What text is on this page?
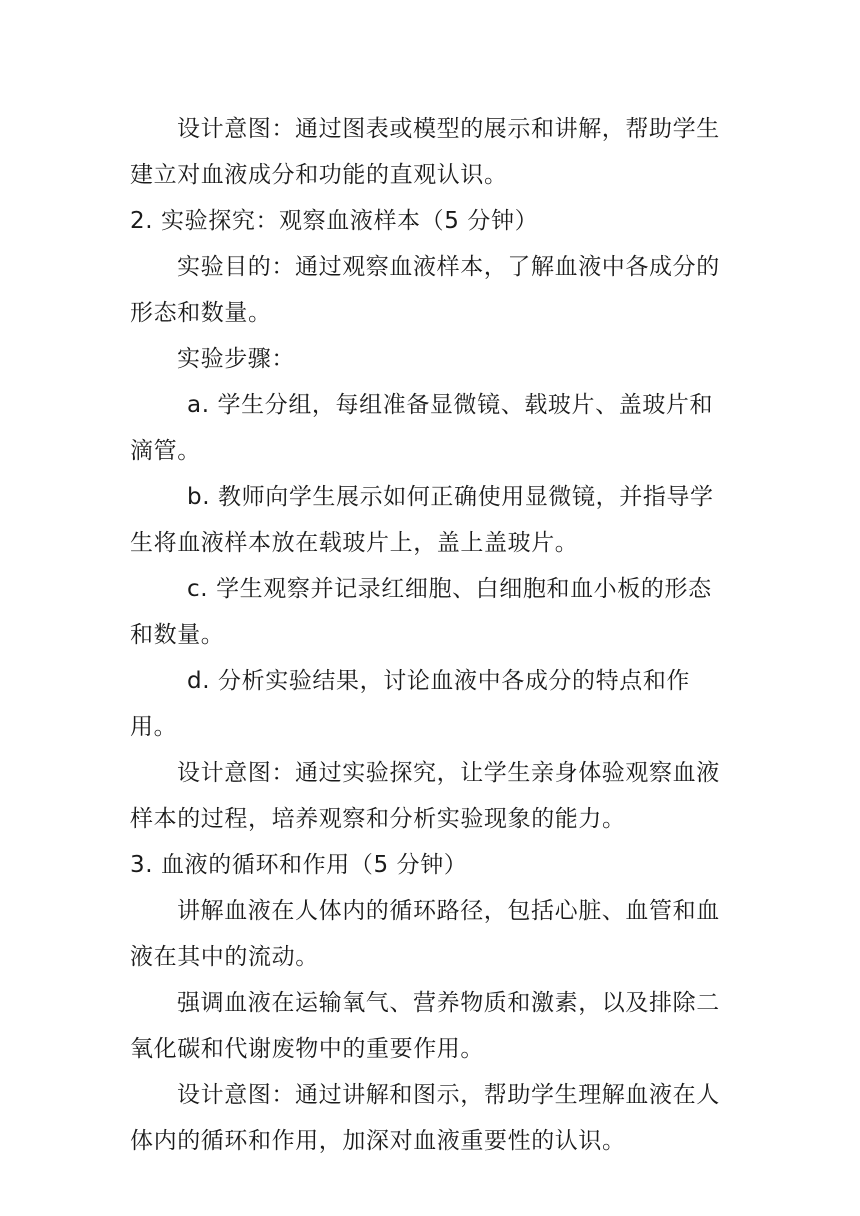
设计意图：通过图表或模型的展示和讲解，帮助学生建立对血液成分和功能的直观认识。

2. 实验探究：观察血液样本（5 分钟）

实验目的：通过观察血液样本，了解血液中各成分的形态和数量。

实验步骤：

a. 学生分组，每组准备显微镜、载玻片、盖玻片和滴管。

b. 教师向学生展示如何正确使用显微镜，并指导学生将血液样本放在载玻片上，盖上盖玻片。

c. 学生观察并记录红细胞、白细胞和血小板的形态和数量。

d. 分析实验结果，讨论血液中各成分的特点和作用。

设计意图：通过实验探究，让学生亲身体验观察血液样本的过程，培养观察和分析实验现象的能力。

3. 血液的循环和作用（5 分钟）

讲解血液在人体内的循环路径，包括心脏、血管和血液在其中的流动。

强调血液在运输氧气、营养物质和激素，以及排除二氧化碳和代谢废物中的重要作用。

设计意图：通过讲解和图示，帮助学生理解血液在人体内的循环和作用，加深对血液重要性的认识。
